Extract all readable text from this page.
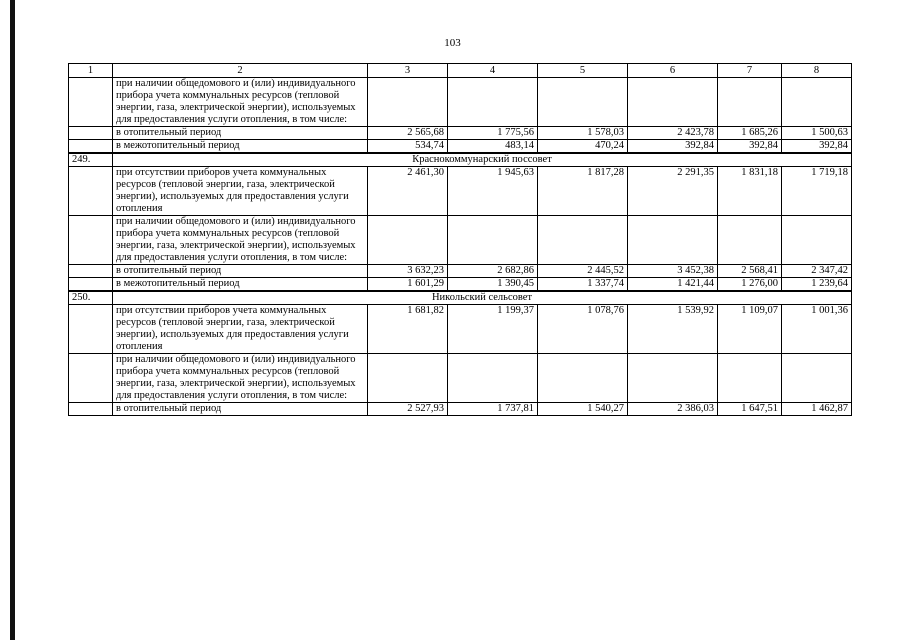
103
1	2	3	4	5	6	7	8
	при наличии общедомового и (или) индивидуального прибора учета коммунальных ресурсов (тепловой энергии, газа, электрической энергии), используемых для предоставления услуги отопления, в том числе:						
	в отопительный период	2 565,68	1 775,56	1 578,03	2 423,78	1 685,26	1 500,63
	в межотопительный период	534,74	483,14	470,24	392,84	392,84	392,84
249.	Краснокоммунарский поссовет						
	при отсутствии приборов учета коммунальных ресурсов (тепловой энергии, газа, электрической энергии), используемых для предоставления услуги отопления	2 461,30	1 945,63	1 817,28	2 291,35	1 831,18	1 719,18
	при наличии общедомового и (или) индивидуального прибора учета коммунальных ресурсов (тепловой энергии, газа, электрической энергии), используемых для предоставления услуги отопления, в том числе:						
	в отопительный период	3 632,23	2 682,86	2 445,52	3 452,38	2 568,41	2 347,42
	в межотопительный период	1 601,29	1 390,45	1 337,74	1 421,44	1 276,00	1 239,64
250.	Никольский сельсовет						
	при отсутствии приборов учета коммунальных ресурсов (тепловой энергии, газа, электрической энергии), используемых для предоставления услуги отопления	1 681,82	1 199,37	1 078,76	1 539,92	1 109,07	1 001,36
	при наличии общедомового и (или) индивидуального прибора учета коммунальных ресурсов (тепловой энергии, газа, электрической энергии), используемых для предоставления услуги отопления, в том числе:						
	в отопительный период	2 527,93	1 737,81	1 540,27	2 386,03	1 647,51	1 462,87
